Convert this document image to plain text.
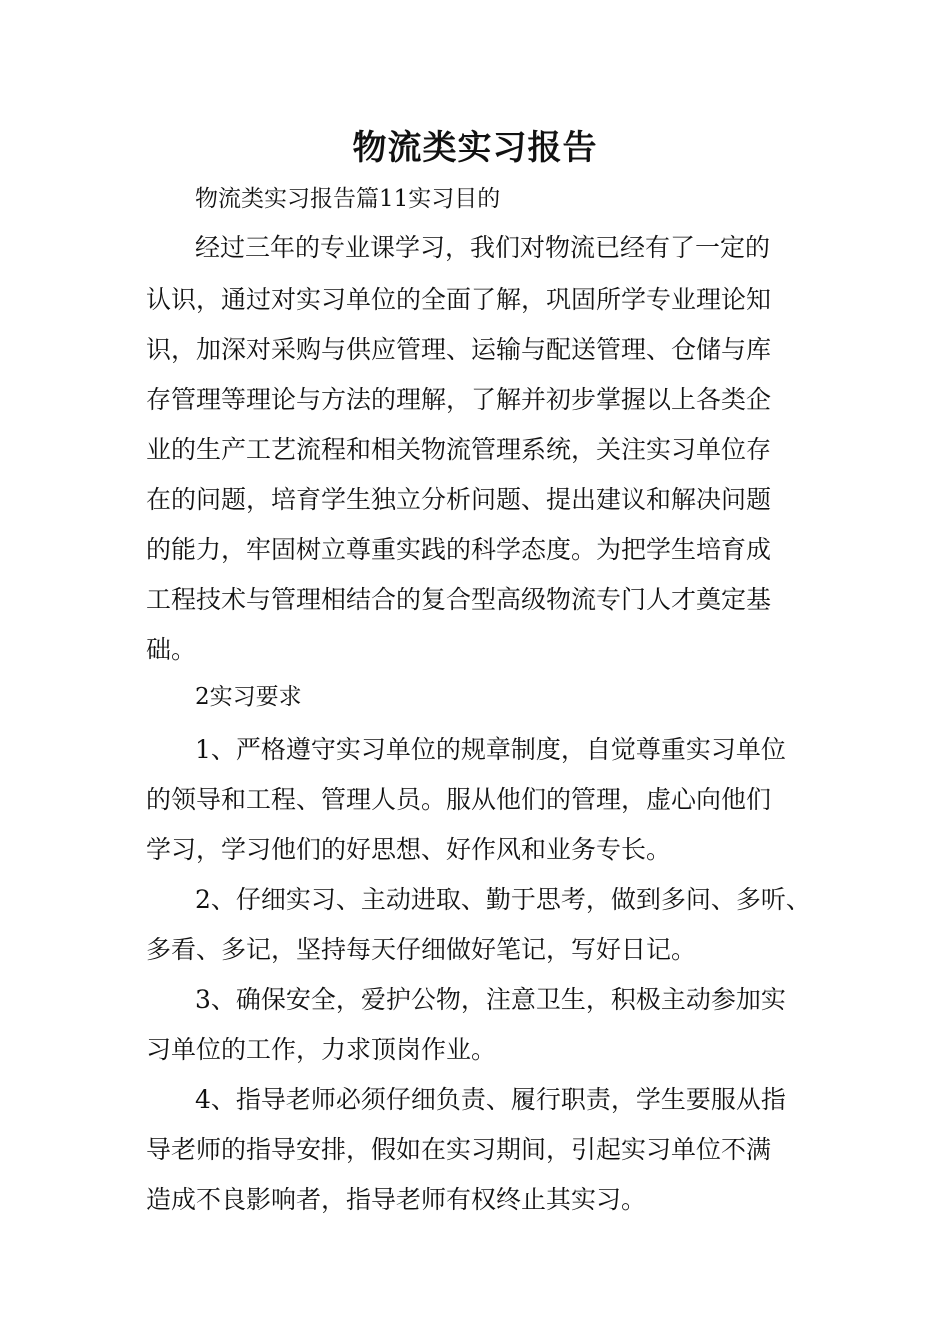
物流类实习报告
物流类实习报告篇11实习目的
经过三年的专业课学习，我们对物流已经有了一定的
认识，通过对实习单位的全面了解，巩固所学专业理论知
识，加深对采购与供应管理、运输与配送管理、仓储与库
存管理等理论与方法的理解，了解并初步掌握以上各类企
业的生产工艺流程和相关物流管理系统，关注实习单位存
在的问题，培育学生独立分析问题、提出建议和解决问题
的能力，牢固树立尊重实践的科学态度。为把学生培育成
工程技术与管理相结合的复合型高级物流专门人才奠定基
础。
2实习要求
1、严格遵守实习单位的规章制度，自觉尊重实习单位
的领导和工程、管理人员。服从他们的管理，虚心向他们
学习，学习他们的好思想、好作风和业务专长。
2、仔细实习、主动进取、勤于思考，做到多问、多听、
多看、多记，坚持每天仔细做好笔记，写好日记。
3、确保安全，爱护公物，注意卫生，积极主动参加实
习单位的工作，力求顶岗作业。
4、指导老师必须仔细负责、履行职责，学生要服从指
导老师的指导安排，假如在实习期间，引起实习单位不满
造成不良影响者，指导老师有权终止其实习。
